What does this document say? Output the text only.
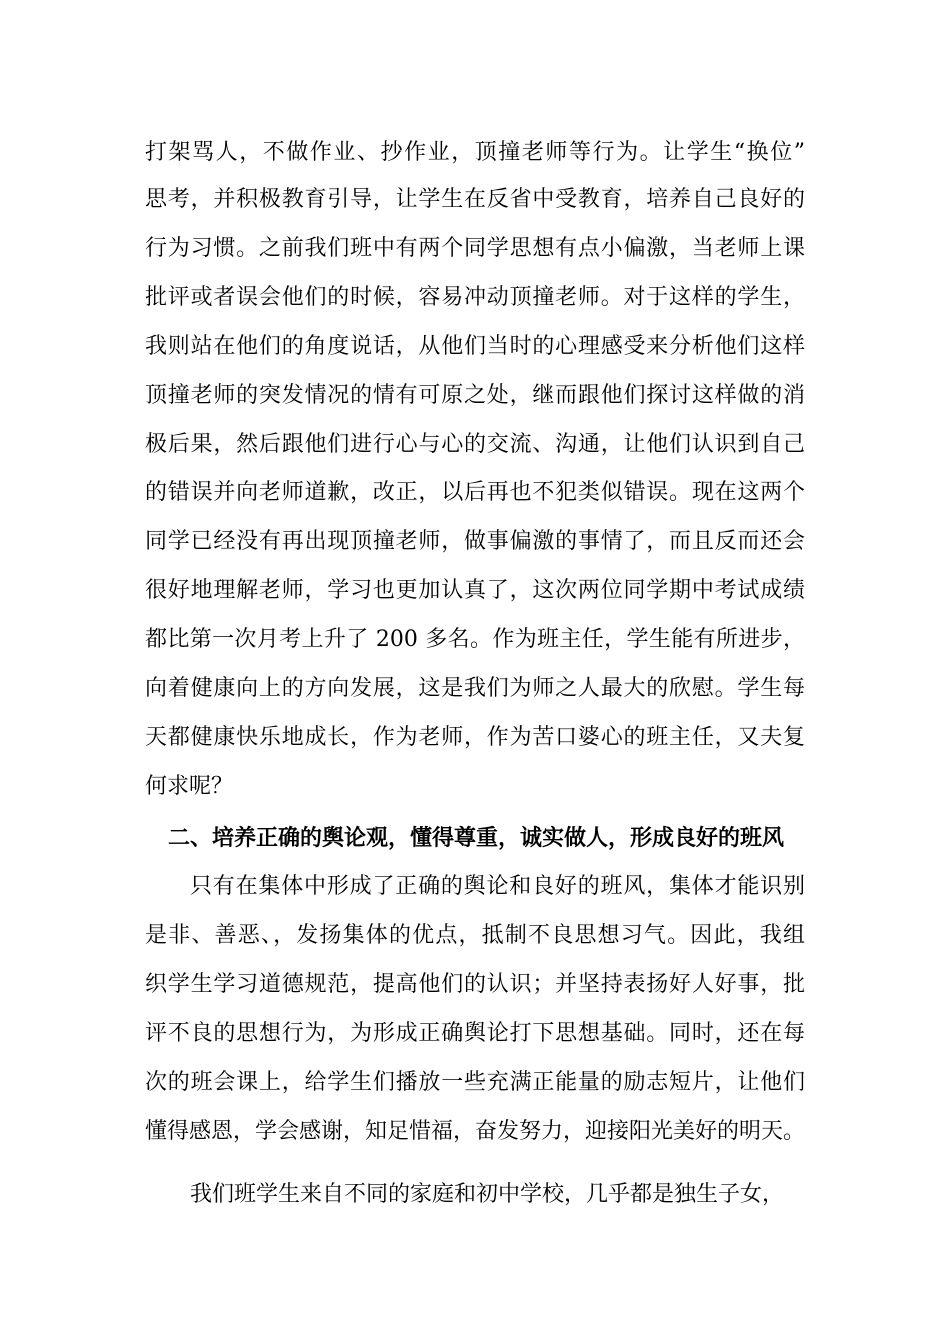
打架骂人，不做作业、抄作业，顶撞老师等行为。让学生“换位”
思考，并积极教育引导，让学生在反省中受教育，培养自己良好的
行为习惯。之前我们班中有两个同学思想有点小偏激，当老师上课
批评或者误会他们的时候，容易冲动顶撞老师。对于这样的学生，
我则站在他们的角度说话，从他们当时的心理感受来分析他们这样
顶撞老师的突发情况的情有可原之处，继而跟他们探讨这样做的消
极后果，然后跟他们进行心与心的交流、沟通，让他们认识到自己
的错误并向老师道歉，改正，以后再也不犯类似错误。现在这两个
同学已经没有再出现顶撞老师，做事偏激的事情了，而且反而还会
很好地理解老师，学习也更加认真了，这次两位同学期中考试成绩
都比第一次月考上升了 200 多名。作为班主任，学生能有所进步，
向着健康向上的方向发展，这是我们为师之人最大的欣慰。学生每
天都健康快乐地成长，作为老师，作为苦口婆心的班主任，又夫复
何求呢？
二、培养正确的舆论观，懂得尊重，诚实做人，形成良好的班风
只有在集体中形成了正确的舆论和良好的班风，集体才能识别
是非、善恶、，发扬集体的优点，抵制不良思想习气。因此，我组
织学生学习道德规范，提高他们的认识；并坚持表扬好人好事，批
评不良的思想行为，为形成正确舆论打下思想基础。同时，还在每
次的班会课上，给学生们播放一些充满正能量的励志短片，让他们
懂得感恩，学会感谢，知足惜福，奋发努力，迎接阳光美好的明天。
我们班学生来自不同的家庭和初中学校，几乎都是独生子女，
